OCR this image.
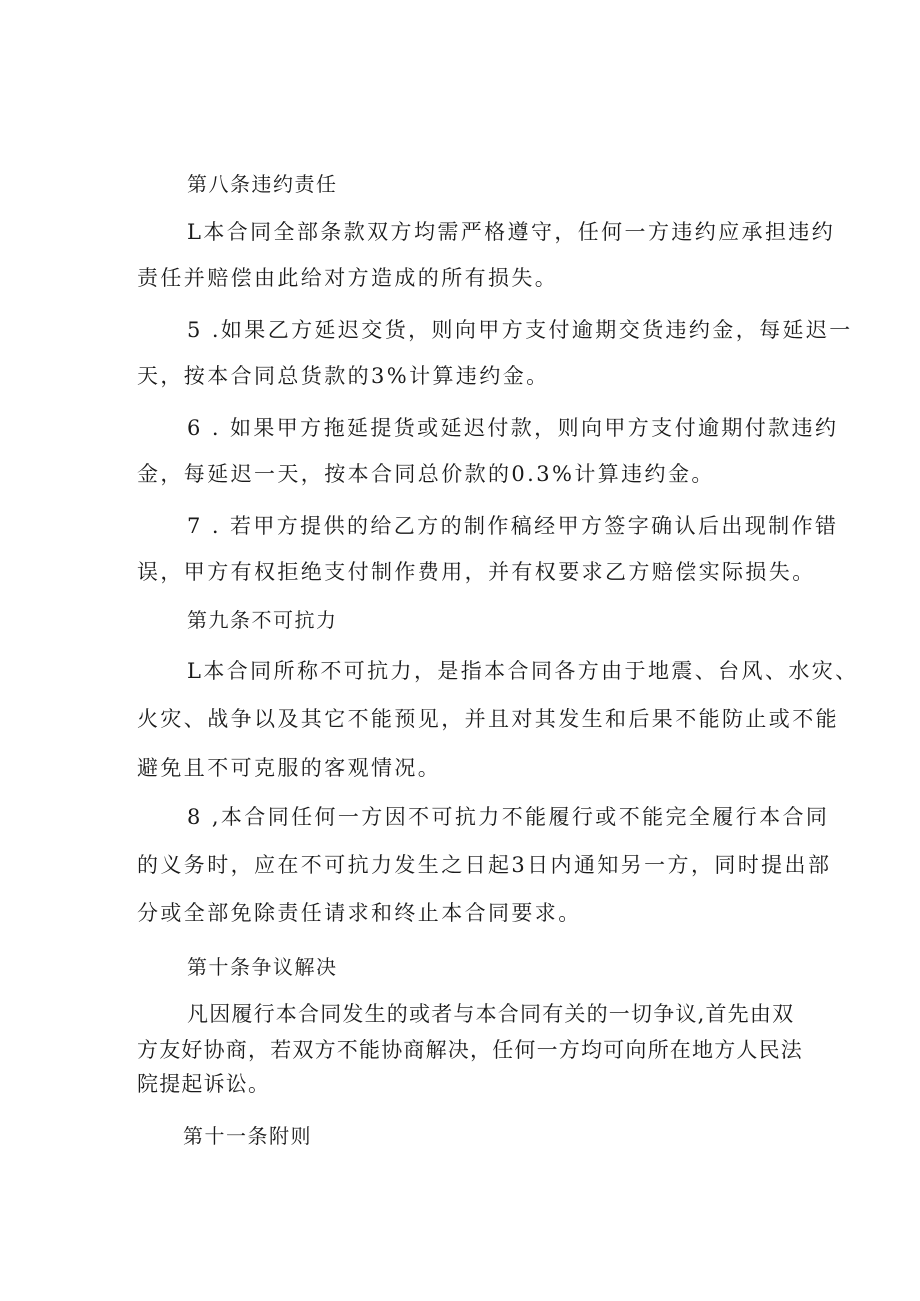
第八条违约责任
L本合同全部条款双方均需严格遵守，任何一方违约应承担违约
责任并赔偿由此给对方造成的所有损失。
5 .如果乙方延迟交货，则向甲方支付逾期交货违约金，每延迟一
天，按本合同总货款的3%计算违约金。
6 . 如果甲方拖延提货或延迟付款，则向甲方支付逾期付款违约
金，每延迟一天，按本合同总价款的0.3%计算违约金。
7 . 若甲方提供的给乙方的制作稿经甲方签字确认后出现制作错
误，甲方有权拒绝支付制作费用，并有权要求乙方赔偿实际损失。
第九条不可抗力
L本合同所称不可抗力，是指本合同各方由于地震、台风、水灾、
火灾、战争以及其它不能预见，并且对其发生和后果不能防止或不能
避免且不可克服的客观情况。
8 ,本合同任何一方因不可抗力不能履行或不能完全履行本合同
的义务时，应在不可抗力发生之日起3日内通知另一方，同时提出部
分或全部免除责任请求和终止本合同要求。
第十条争议解决
凡因履行本合同发生的或者与本合同有关的一切争议,首先由双
方友好协商，若双方不能协商解决，任何一方均可向所在地方人民法
院提起诉讼。
第十一条附则
